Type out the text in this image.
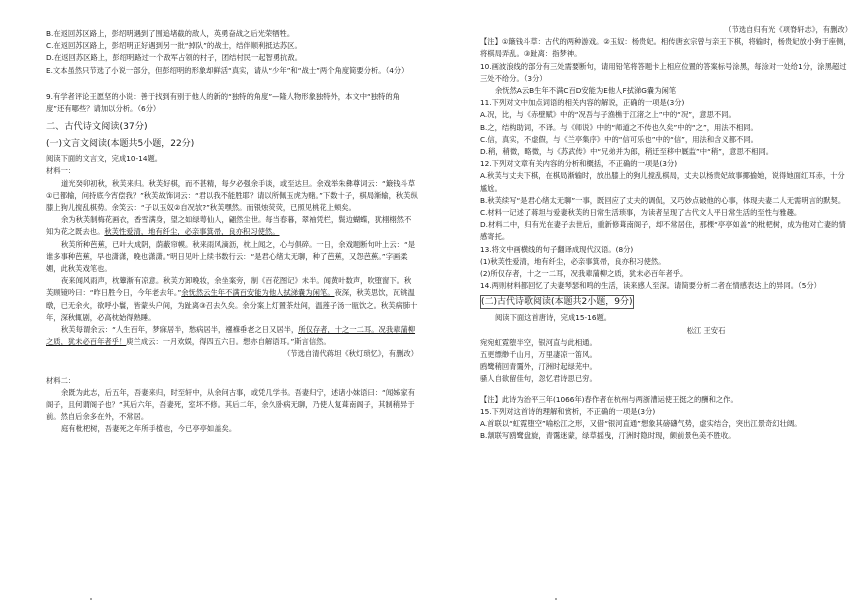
B.在返回苏区路上，彭绍明遇到了围追堵截的敌人，英勇奋战之后光荣牺牲。

C.在返回苏区路上，彭绍明正好遇到另一批“掉队”的战士，结伴顺利抵达苏区。

D.在返回苏区路上，彭绍明路过一个敌军占领的村子，团结村民一起智勇抗敌。

E.文本虽然只节选了小说一部分，但彭绍明的形象却鲜活“真实，请从“少年”和“战士”两个角度简要分析。（4分）

9.有学者评论王愿坚的小说：善于找到有别于他人的新的“独特的角度”—隆人物形象独特外，本文中“独特的角度”还有哪些？请加以分析。（6分）

二、古代诗文阅读(37分)

(一)文言文阅读(本题共5小题，22分)

阅读下面的文言文，完成10-14题。

材料一：

道光癸卯初秋，秋芙来归。秋芙好棋，而不甚精，每夕必强余手谈，或至达旦。余戏举朱彝尊词云：“簸钱斗草①已都输，问持底今宵偿我？”秋芙故饰词云：“君以我不能胜耶？请以所佩玉虎为赌。”下数十子，棋局渐输，秋芙纵膝上狗儿搅乱棋势。余笑云：“子以玉奴②自况欤?”秋芙嘿然。而银烛荧荧，已照见桃花上颊矣。

余为秋芙制梅花画衣，香雪满身，望之如绿萼仙人，翩然尘世。每当春暮，翠袖凭栏，鬓边蝴蝶，犹栩栩然不知为花之既去也。秋芙性爱清，地有纤尘，必亲事箕帚，良亦积习使然。

秋芙所种芭蕉，已叶大成阴，荫蔽帘幙。秋来雨风滴沥，枕上闻之，心与俱碎。一日，余戏题断句叶上云：“是谁多事种芭蕉，早也潇潇，晚也潇潇。”明日见叶上续书数行云：“是君心绪太无聊，种了芭蕉，又怨芭蕉。”字画柔媚，此秋芙戏笔也。

夜来闻风雨声，枕簟渐有凉意。秋芙方卸晚妆，余坐案旁，制《百花图记》未半。闻黄叶数声，吹堕窗下。秋芙顾镜吟曰：“昨日胜今日，今年老去年。”余怃然云生年不满百安能为他人拭涕嚢为闲笔。夜深，秋芙思饮，瓦铫温暾，已无余火，欲呼小鬟，皆蒙头户间，为趾离③召去久矣。余分案上灯置茶灶间，温莲子汤一瓯饮之。秋芙病肺十年，深秋辄剧，必高枕始得熟睡。

秋芙每谓余云：“人生百年，梦寐居半，愁病居半，襁褓垂老之日又居半，所仅存者，十之一二耳。况我辈蒲柳之质，犹未必百年者乎！庾兰成云：一月欢娱，得四五六日。想亦自解语耳。”斯言信然。

（节选自清代蒋坦《秋灯琐忆》，有删改）

材料二：

余既为此志，后五年，吾妻来归，时至轩中，从余问古事，或凭几学书。吾妻归宁，述诸小妹语曰：“闻姊家有阁子，且何谓阁子也？”其后六年，吾妻死，室坏不修。其后二年，余久卧病无聊，乃使人复葺南阁子，其制稍异于前。然自后余多在外，不常居。

庭有枇杷树，吾妻死之年所手植也，今已亭亭如盖矣。

（节选自归有光《项脊轩志》，有删改）

【注】①簸钱斗草：古代的两种游戏。②玉奴：杨贵妃。相传唐玄宗曾与亲王下棋，将输时，杨贵妃放小狗于座侧，将棋局弄乱。③趾离：指梦神。

10.画波浪线的部分有三处需要断句，请用铅笔将答题卡上相应位置的答案标号涂黑，每涂对一处给1分，涂黑超过三处不给分。（3分）

余怃然A云B生年不满C百D安能为E他人F拭涕G嚢为闲笔

11.下列对文中加点词语的相关内容的解说，正确的一项是(3分)

A.况，比，与《赤壁赋》中的“况吾与子渔樵于江渚之上”中的“况”，意思不同。

B.之，结构助词，不译。与《师说》中的“师道之不传也久矣”中的“之”，用法不相同。

C.信，真实，不虚假，与《兰亭集序》中的“信可乐也”中的“信”，用法和含义都不同。

D.稍，稍微，略微，与《苏武传》中“兄弟并为郎，稍迁至移中厩监”中“稍”，意思不相同。

12.下列对文章有关内容的分析和概括，不正确的一项是(3分)

A.秋芙与丈夫下棋，在棋局渐输时，放出膝上的狗儿搅乱棋局，丈夫以杨贵妃故事揶揄她，说得她面红耳赤，十分尴尬。

B.秋芙续写“是君心绪太无聊”一事，既回应了丈夫的调侃，又巧妙点破他的心事，体现夫妻二人无需明言的默契。

C.材料一记述了蒋坦与爱妻秋芙的日常生活琐事，为读者呈现了古代文人平日常生活的至性与雅趣。

D.材料二中，归有光在妻子去世后，重新修葺南阁子，却不常居住，那棵“亭亭如盖”的枇杷树，成为他对亡妻的情感寄托。

13.将文中画横线的句子翻译成现代汉语。(8分)

(1)秋芙性爱清，地有纤尘，必亲事箕帚，良亦积习使然。

(2)所仅存者，十之一二耳，况我辈蒲柳之质，犹未必百年者乎。

14.两则材料都回忆了夫妻琴瑟和鸣的生活，读来感人至深。请简要分析二者在情感表达上的异同。（5分）

(二)古代诗歌阅读(本题共2小题，9分)

阅读下面这首唐诗，完成15-16题。

松江 王安石

宛宛虹霓堕半空，银河直与此相通。

五更缥缈千山月，万里凄凉一笛风。

鸥鹭稍回青霭外，汀洲时起绿芜中。

骚人自欲留佳句，忽忆君诗思已穷。

【注】此诗为治平三年(1066年)春作者在杭州与两浙漕运使王挺之的酬和之作。

15.下列对这首诗的理解和赏析，不正确的一项是(3分)

A.首联以“虹霓堕空”喻松江之形，又借“银河直通”想象其磅礴气势，虚实结合，突出江景奇幻壮阔。

B.颔联写鸥鹭盘旋，青霭迷蒙，绿草摇曳，汀洲时隐时现，颇前景色美不胜收。
